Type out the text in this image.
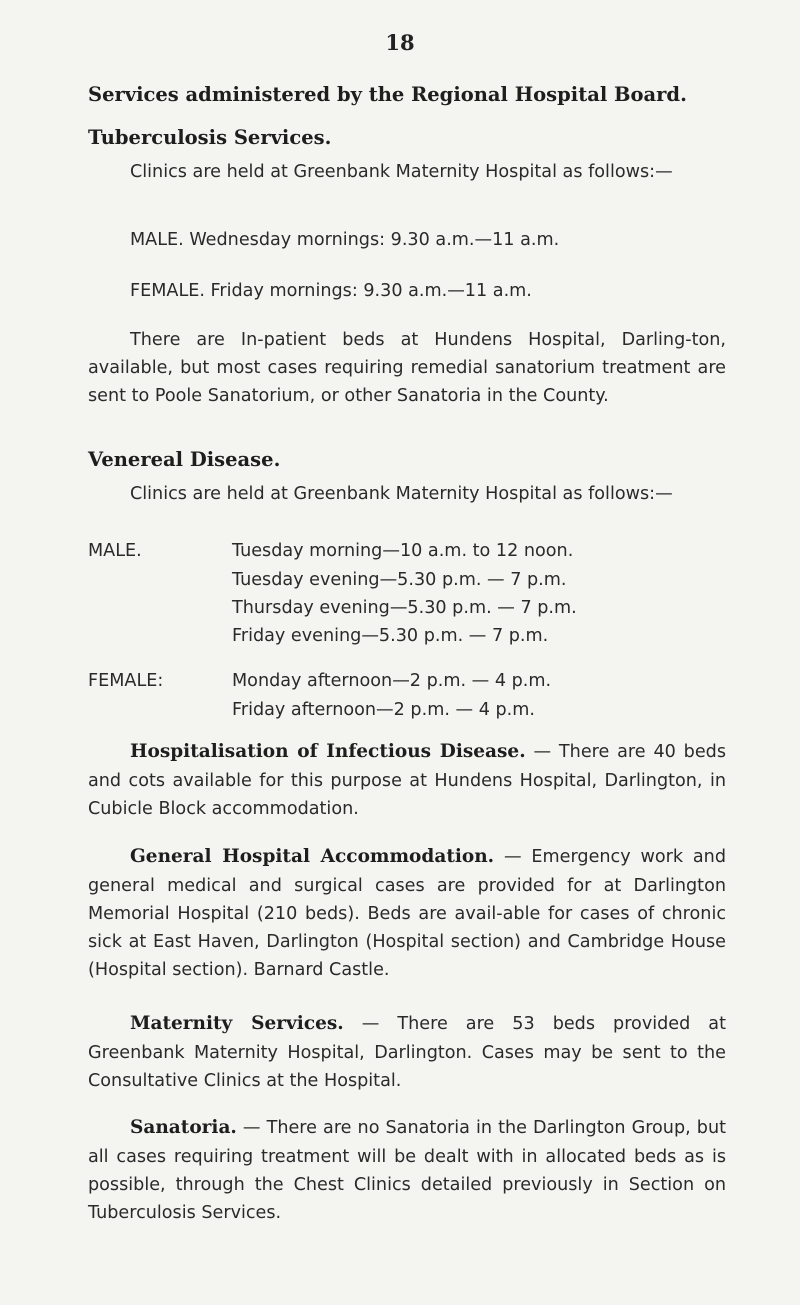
18
Services administered by the Regional Hospital Board.
Tuberculosis Services.

Clinics are held at Greenbank Maternity Hospital as follows:—

MALE. Wednesday mornings: 9.30 a.m.—11 a.m.
FEMALE. Friday mornings: 9.30 a.m.—11 a.m.

There are In-patient beds at Hundens Hospital, Darling-ton, available, but most cases requiring remedial sanatorium treatment are sent to Poole Sanatorium, or other Sanatoria in the County.

Venereal Disease.

Clinics are held at Greenbank Maternity Hospital as follows:—

MALE.	Tuesday morning—10 a.m. to 12 noon.
Tuesday evening—5.30 p.m. — 7 p.m.
Thursday evening—5.30 p.m. — 7 p.m.
Friday evening—5.30 p.m. — 7 p.m.
FEMALE:	Monday afternoon—2 p.m. — 4 p.m.
Friday afternoon—2 p.m. — 4 p.m.

Hospitalisation of Infectious Disease. — There are 40 beds and cots available for this purpose at Hundens Hospital, Darlington, in Cubicle Block accommodation.

General Hospital Accommodation. — Emergency work and general medical and surgical cases are provided for at Darlington Memorial Hospital (210 beds). Beds are avail-able for cases of chronic sick at East Haven, Darlington (Hospital section) and Cambridge House (Hospital section). Barnard Castle.

Maternity Services. — There are 53 beds provided at Greenbank Maternity Hospital, Darlington. Cases may be sent to the Consultative Clinics at the Hospital.

Sanatoria. — There are no Sanatoria in the Darlington Group, but all cases requiring treatment will be dealt with in allocated beds as is possible, through the Chest Clinics detailed previously in Section on Tuberculosis Services.
